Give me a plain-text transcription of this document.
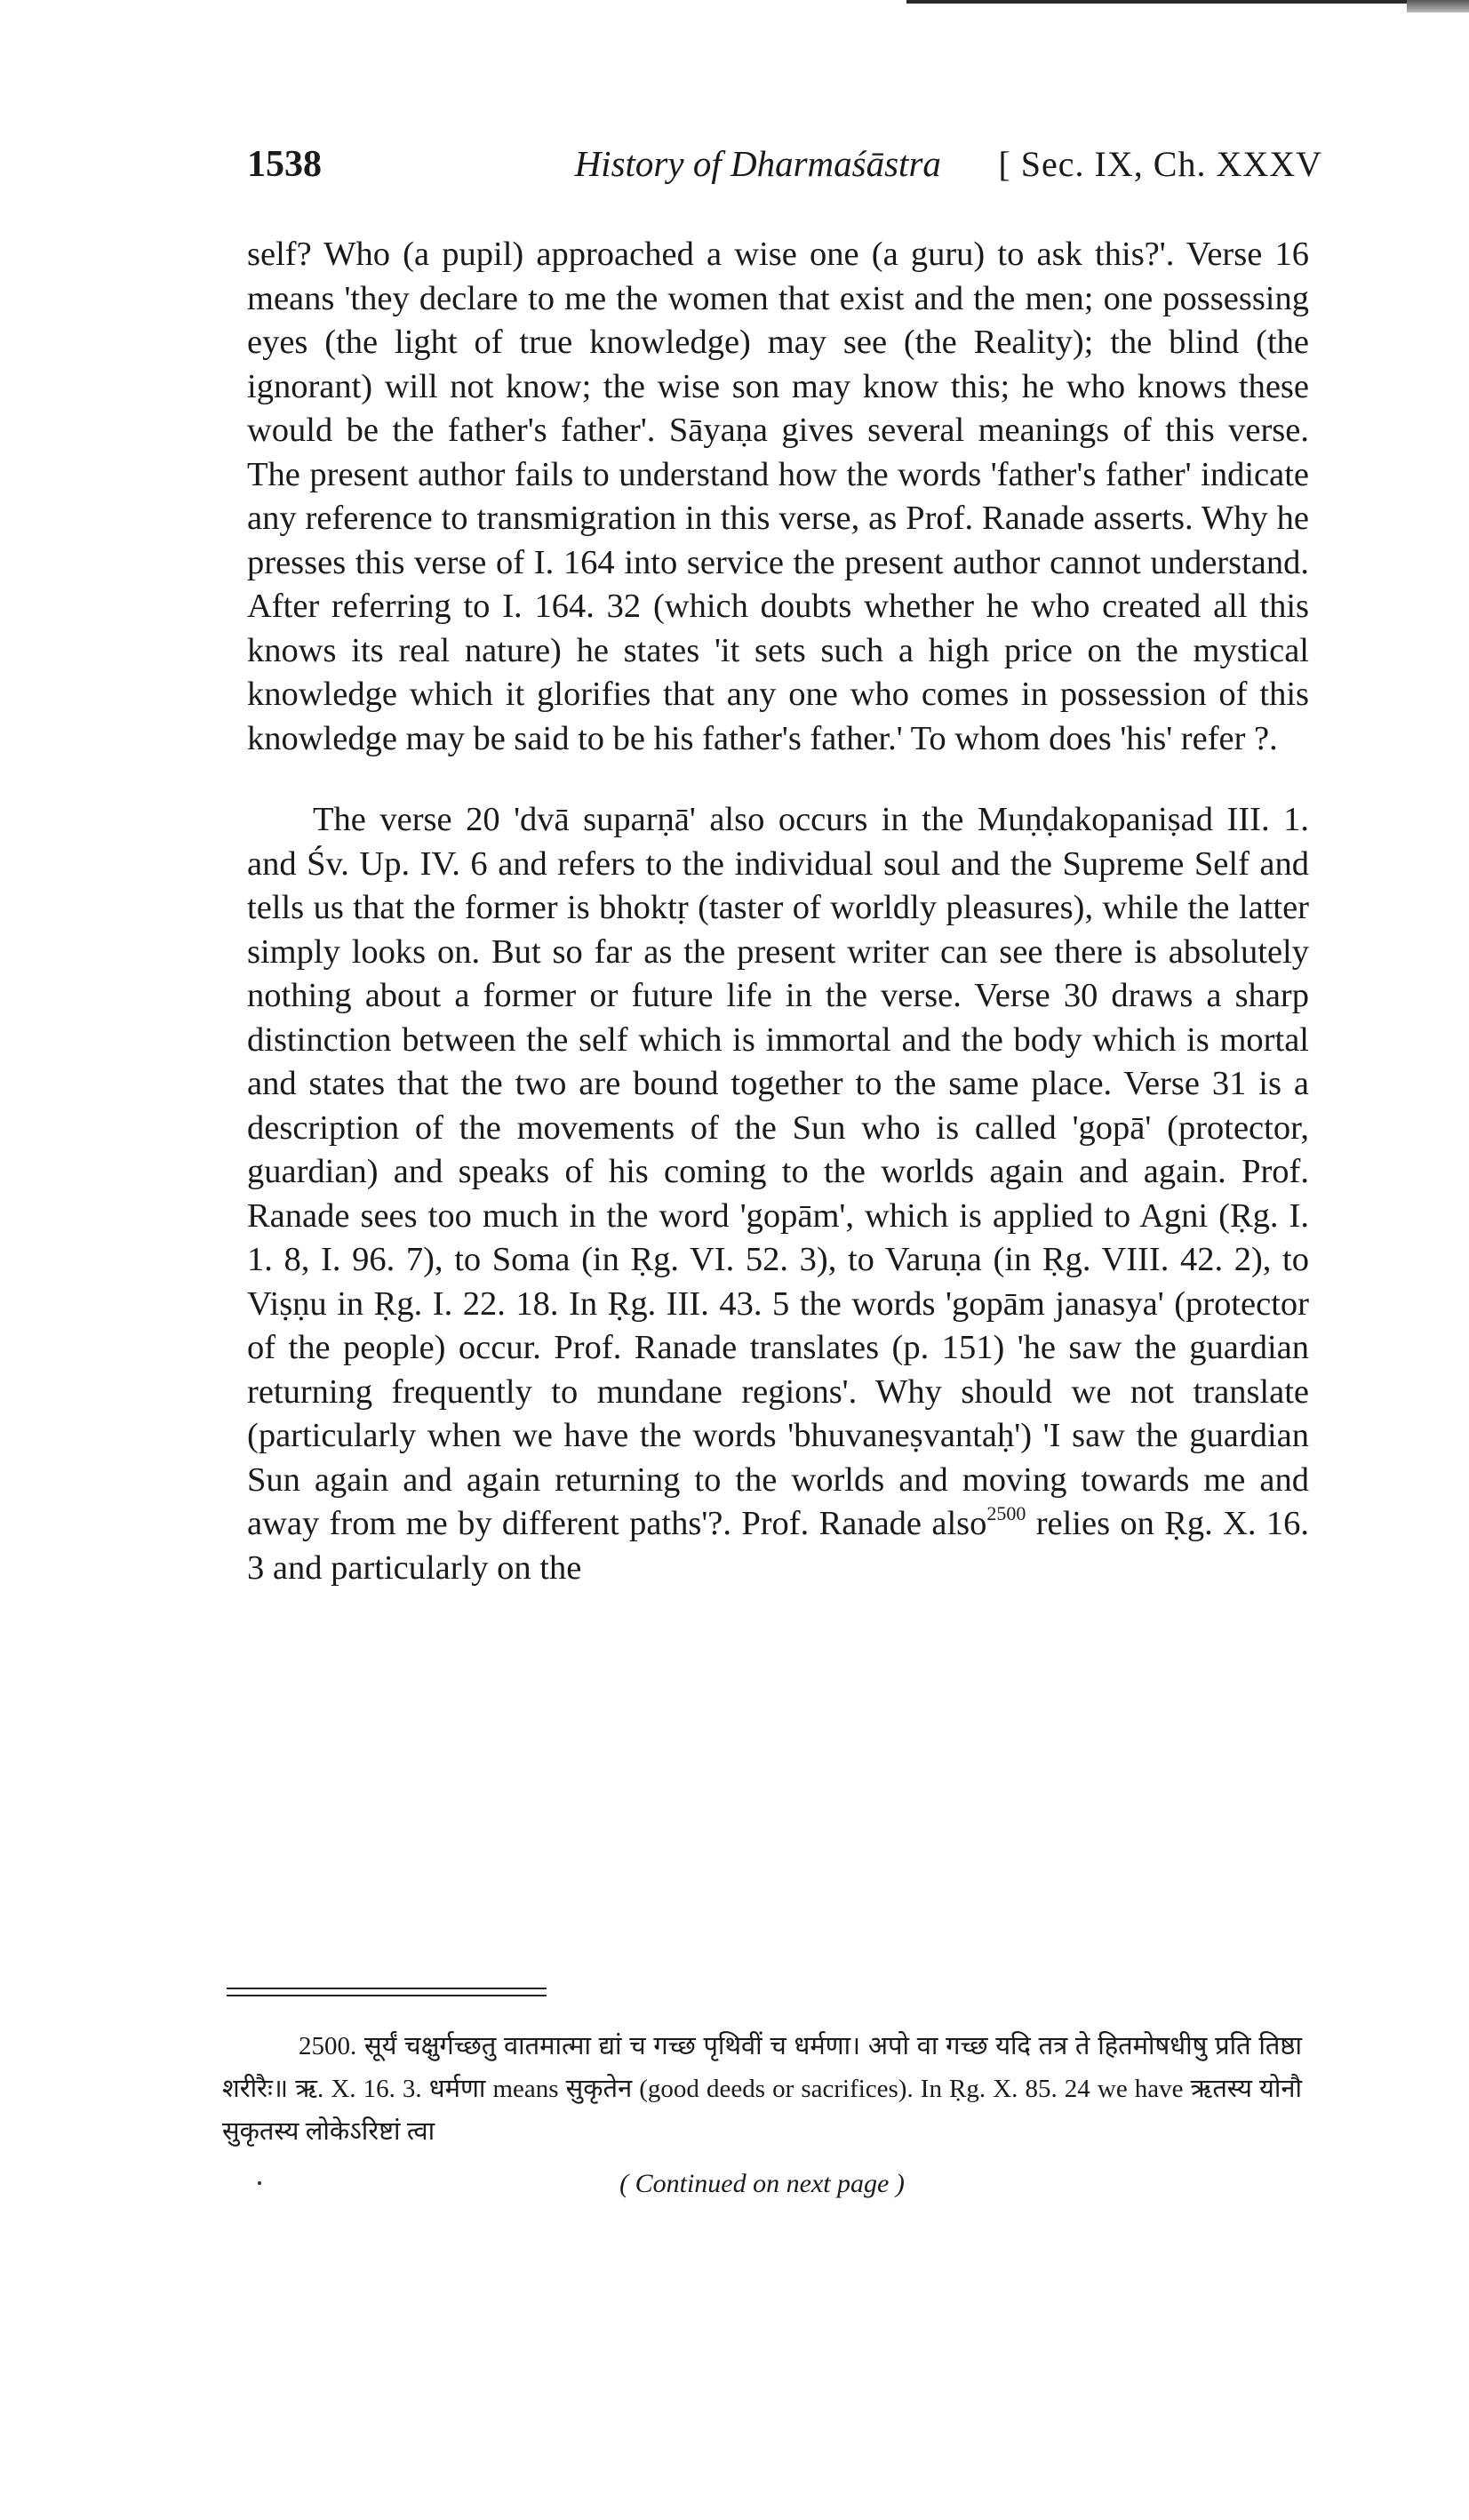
1538	History of Dharmaśāstra [ Sec. IX, Ch. XXXV

self? Who (a pupil) approached a wise one (a guru) to ask this?'. Verse 16 means 'they declare to me the women that exist and the men; one possessing eyes (the light of true knowledge) may see (the Reality); the blind (the ignorant) will not know; the wise son may know this; he who knows these would be the father's father'. Sāyaṇa gives several meanings of this verse. The present author fails to understand how the words 'father's father' indicate any reference to transmigration in this verse, as Prof. Ranade asserts. Why he presses this verse of I. 164 into service the present author cannot understand. After referring to I. 164. 32 (which doubts whether he who created all this knows its real nature) he states 'it sets such a high price on the mystical knowledge which it glorifies that any one who comes in possession of this knowledge may be said to be his father's father.' To whom does 'his' refer ?.

The verse 20 'dvā suparṇā' also occurs in the Muṇḍakopaniṣad III. 1. and Śv. Up. IV. 6 and refers to the individual soul and the Supreme Self and tells us that the former is bhoktṛ (taster of worldly pleasures), while the latter simply looks on. But so far as the present writer can see there is absolutely nothing about a former or future life in the verse. Verse 30 draws a sharp distinction between the self which is immortal and the body which is mortal and states that the two are bound together to the same place. Verse 31 is a description of the movements of the Sun who is called 'gopā' (protector, guardian) and speaks of his coming to the worlds again and again. Prof. Ranade sees too much in the word 'gopām', which is applied to Agni (Ṛg. I. 1. 8, I. 96. 7), to Soma (in Ṛg. VI. 52. 3), to Varuṇa (in Ṛg. VIII. 42. 2), to Viṣṇu in Ṛg. I. 22. 18. In Ṛg. III. 43. 5 the words 'gopām janasya' (protector of the people) occur. Prof. Ranade translates (p. 151) 'he saw the guardian returning frequently to mundane regions'. Why should we not translate (particularly when we have the words 'bhuvaneṣvantaḥ') 'I saw the guardian Sun again and again returning to the worlds and moving towards me and away from me by different paths'?. Prof. Ranade also$^{2500}$ relies on Ṛg. X. 16. 3 and particularly on the

2500. सूर्यं चक्षुर्गच्छतु वातमात्मा द्यां च गच्छ पृथिवीं च धर्मणा। अपो वा गच्छ यदि तत्र ते हितमोषधीषु प्रति तिष्ठा शरीरैः॥ ऋ. X. 16. 3. धर्मणा means सुकृतेन (good deeds or sacrifices). In Ṛg. X. 85. 24 we have ऋतस्य योनौ सुकृतस्य लोकेऽरिष्टां त्वा

( Continued on next page )
